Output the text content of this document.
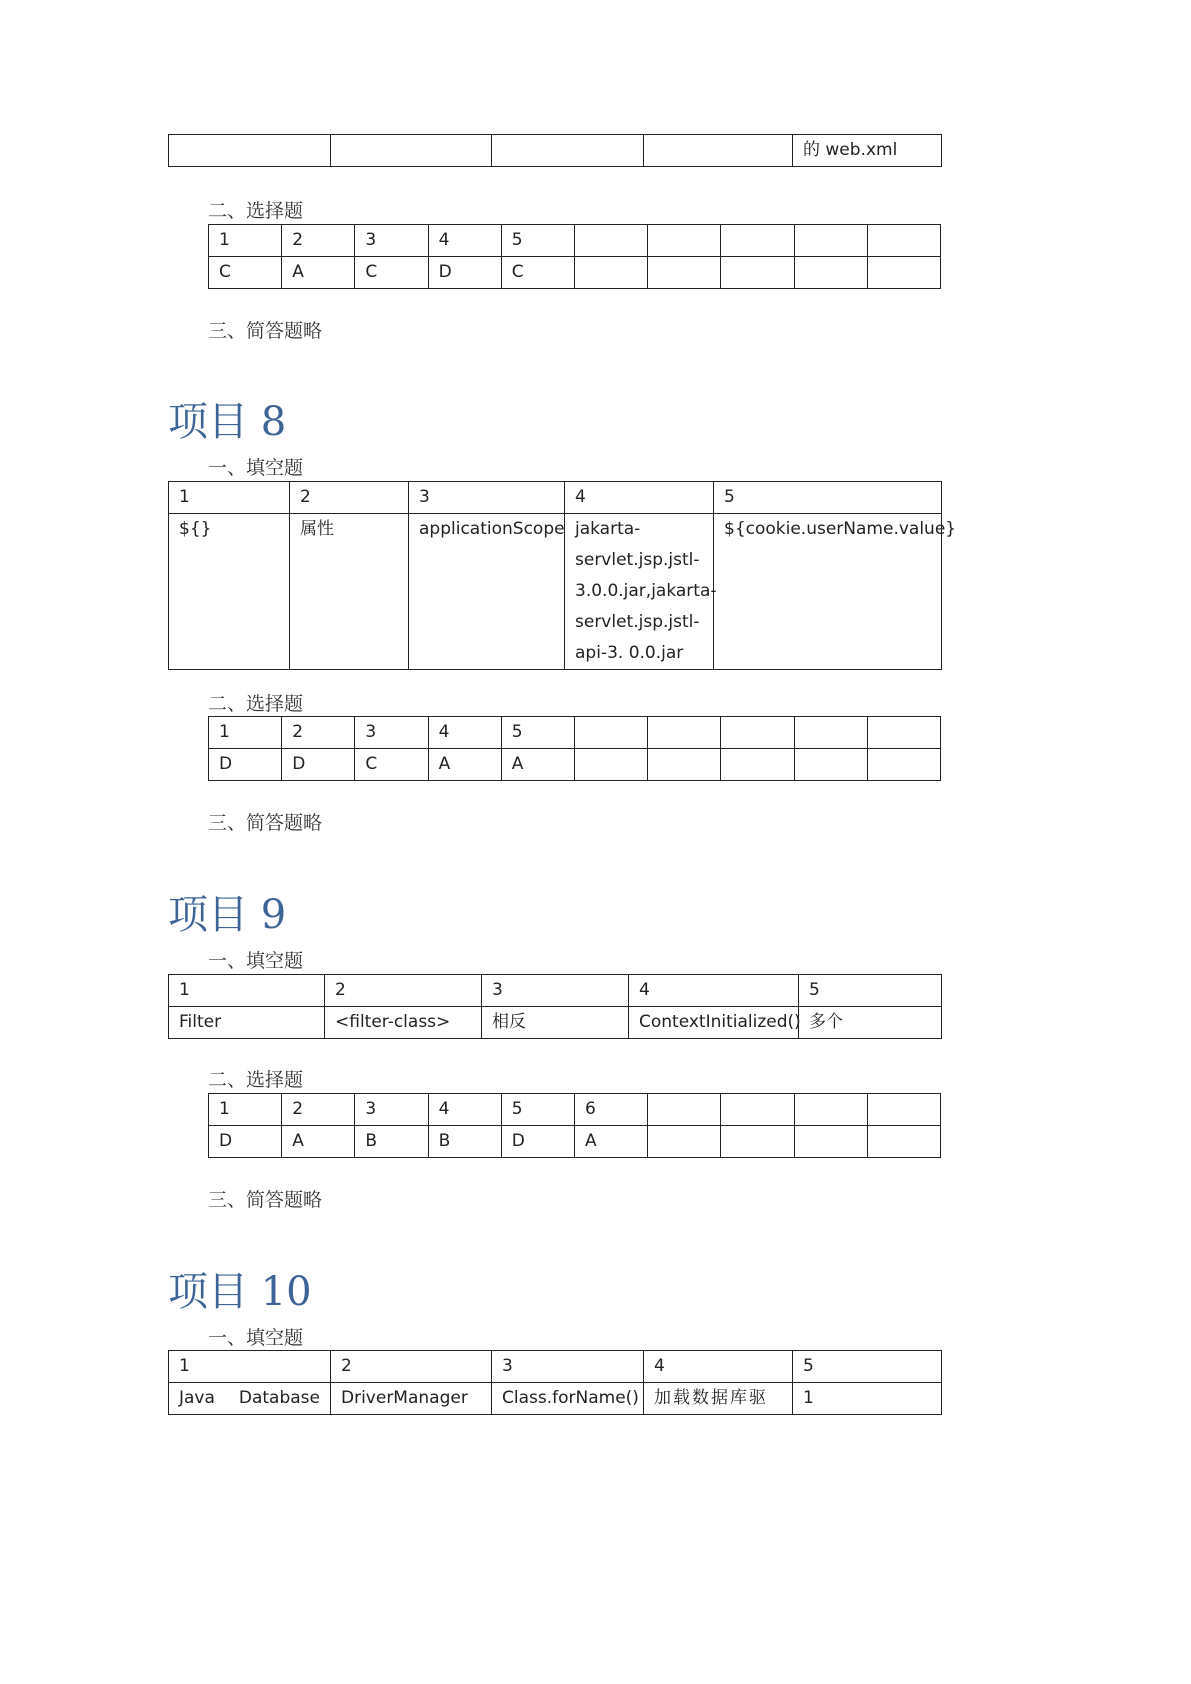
				的 web.xml
二、选择题
1	2	3	4	5					
C	A	C	D	C					
三、简答题略
项目 8
一、填空题
1	2	3	4	5
${}	属性	applicationScope	jakarta-
servlet.jsp.jstl-
3.0.0.jar,jakarta-
servlet.jsp.jstl-
api-3. 0.0.jar	${cookie.userName.value}
二、选择题
1	2	3	4	5					
D	D	C	A	A					
三、简答题略
项目 9
一、填空题
1	2	3	4	5
Filter	<filter-class>	相反	ContextInitialized()	多个
二、选择题
1	2	3	4	5	6				
D	A	B	B	D	A				
三、简答题略
项目 10
一、填空题
1	2	3	4	5

Java Database	DriverManager	Class.forName()	加载数据库驱	1
